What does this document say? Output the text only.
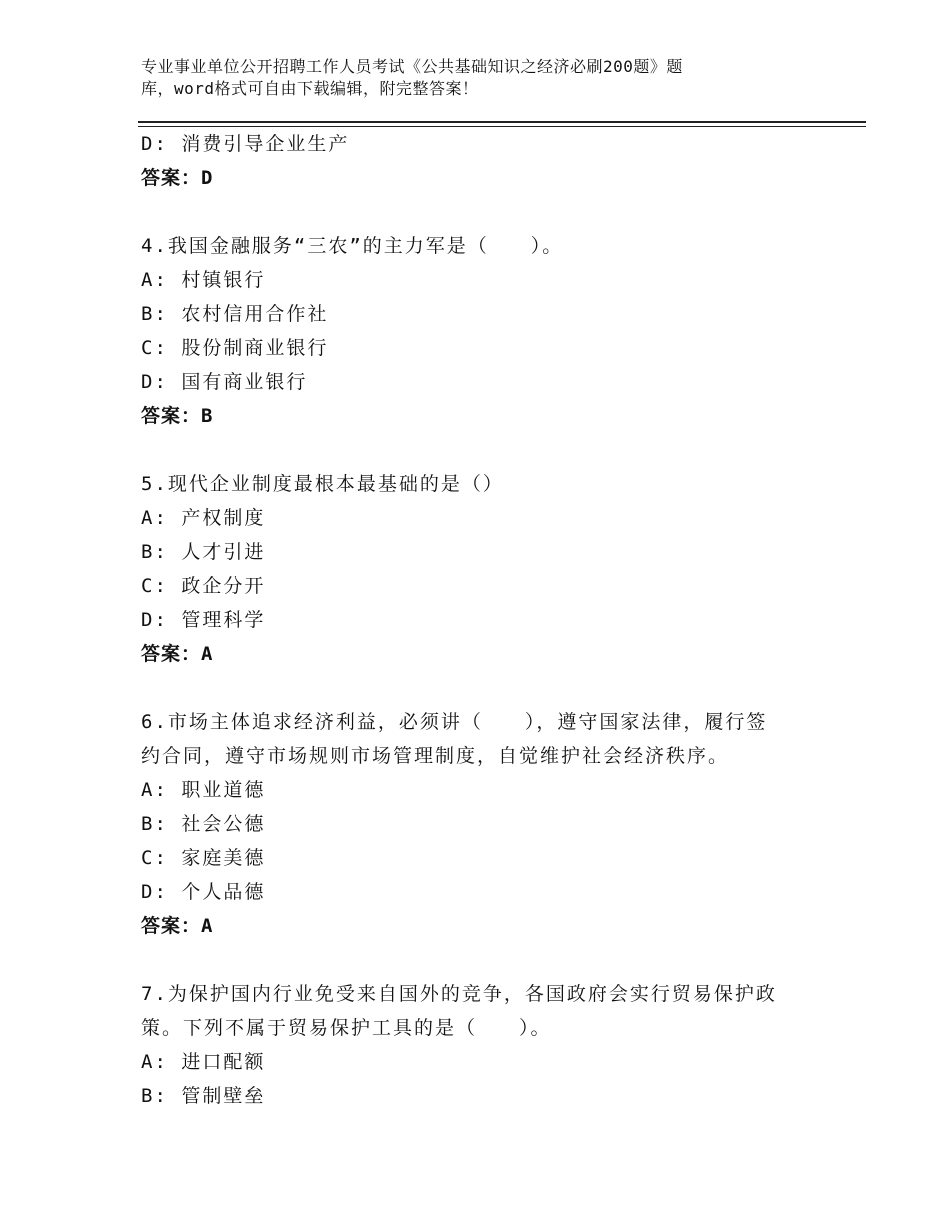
专业事业单位公开招聘工作人员考试《公共基础知识之经济必刷200题》题
库，word格式可自由下载编辑，附完整答案！
D: 消费引导企业生产
答案：D
4.我国金融服务“三农”的主力军是（　　）。
A: 村镇银行
B: 农村信用合作社
C: 股份制商业银行
D: 国有商业银行
答案：B
5.现代企业制度最根本最基础的是（）
A: 产权制度
B: 人才引进
C: 政企分开
D: 管理科学
答案：A
6.市场主体追求经济利益，必须讲（　　），遵守国家法律，履行签
约合同，遵守市场规则市场管理制度，自觉维护社会经济秩序。
A: 职业道德
B: 社会公德
C: 家庭美德
D: 个人品德
答案：A
7.为保护国内行业免受来自国外的竞争，各国政府会实行贸易保护政
策。下列不属于贸易保护工具的是（　　）。
A: 进口配额
B: 管制壁垒
